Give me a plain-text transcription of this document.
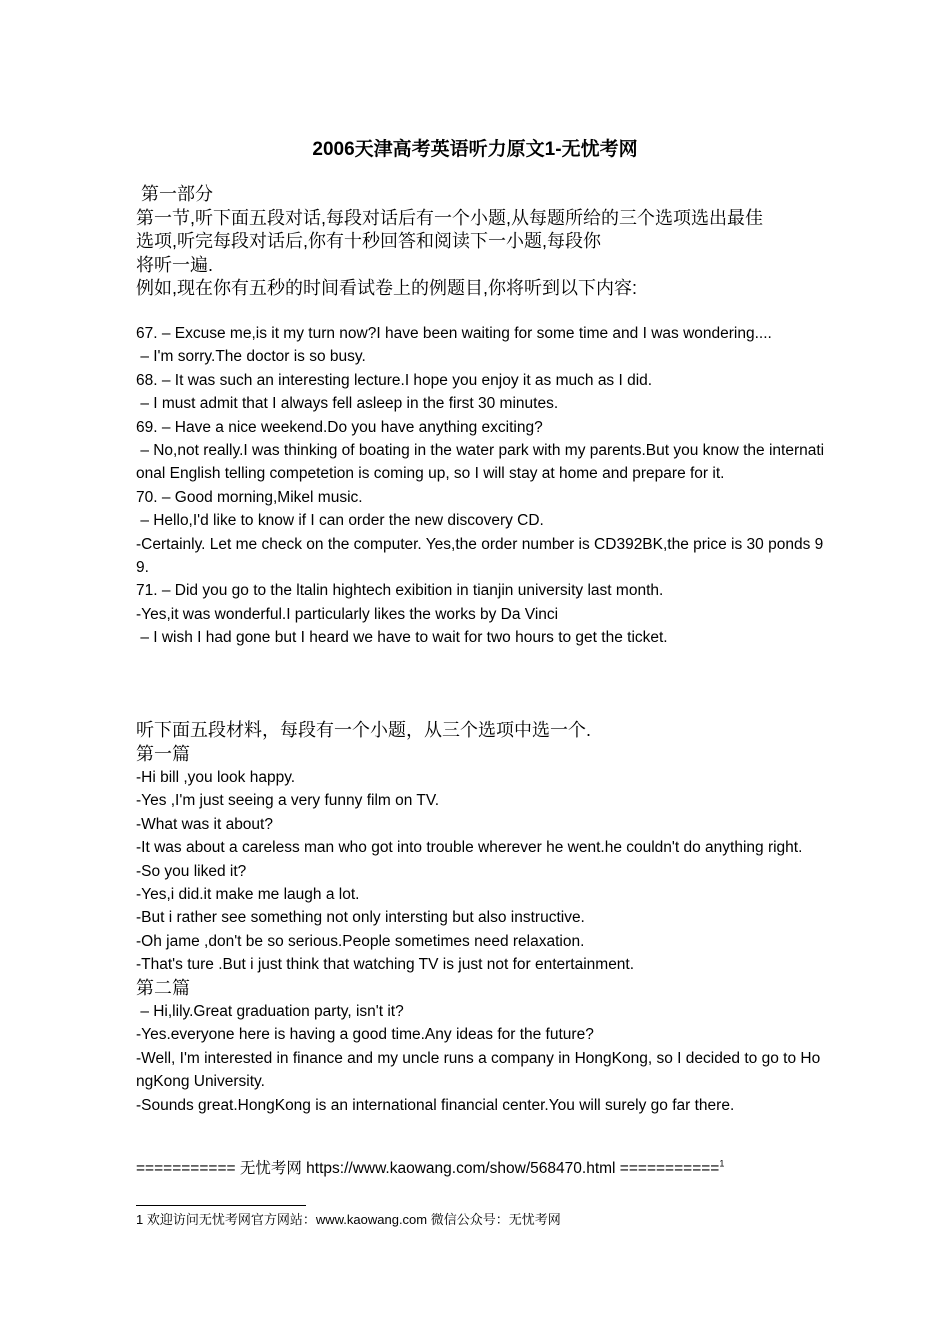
2006天津高考英语听力原文1-无忧考网
第一部分
第一节,听下面五段对话,每段对话后有一个小题,从每题所给的三个选项选出最佳
选项,听完每段对话后,你有十秒回答和阅读下一小题,每段你
将听一遍.
例如,现在你有五秒的时间看试卷上的例题目,你将听到以下内容:
67. – Excuse me,is it my turn now?I have been waiting for some time and I was wondering....
– I'm sorry.The doctor is so busy.
68. – It was such an interesting lecture.I hope you enjoy it as much as I did.
– I must admit that I always fell asleep in the first 30 minutes.
69. – Have a nice weekend.Do you have anything exciting?
– No,not really.I was thinking of boating in the water park with my parents.But you know the international English telling competetion is coming up, so I will stay at home and prepare for it.
70. – Good morning,Mikel music.
– Hello,I'd like to know if I can order the new discovery CD.
-Certainly. Let me check on the computer. Yes,the order number is CD392BK,the price is 30 ponds 99.
71. – Did you go to the ltalin hightech exibition in tianjin university last month.
-Yes,it was wonderful.I particularly likes the works by Da Vinci
– I wish I had gone but I heard we have to wait for two hours to get the ticket.
听下面五段材料，每段有一个小题，从三个选项中选一个.
第一篇
-Hi bill ,you look happy.
-Yes ,I'm just seeing a very funny film on TV.
-What was it about?
-It was about a careless man who got into trouble wherever he went.he couldn't do anything right.
-So you liked it?
-Yes,i did.it make me laugh a lot.
-But i rather see something not only intersting but also instructive.
-Oh jame ,don't be so serious.People sometimes need relaxation.
-That's ture .But i just think that watching TV is just not for entertainment.
第二篇
– Hi,lily.Great graduation party, isn't it?
-Yes.everyone here is having a good time.Any ideas for the future?
-Well, I'm interested in finance and my uncle runs a company in HongKong, so I decided to go to HongKong University.
-Sounds great.HongKong is an international financial center.You will surely go far there.
=========== 无忧考网 https://www.kaowang.com/show/568470.html ===========$^1$
1 欢迎访问无忧考网官方网站：www.kaowang.com 微信公众号：无忧考网
